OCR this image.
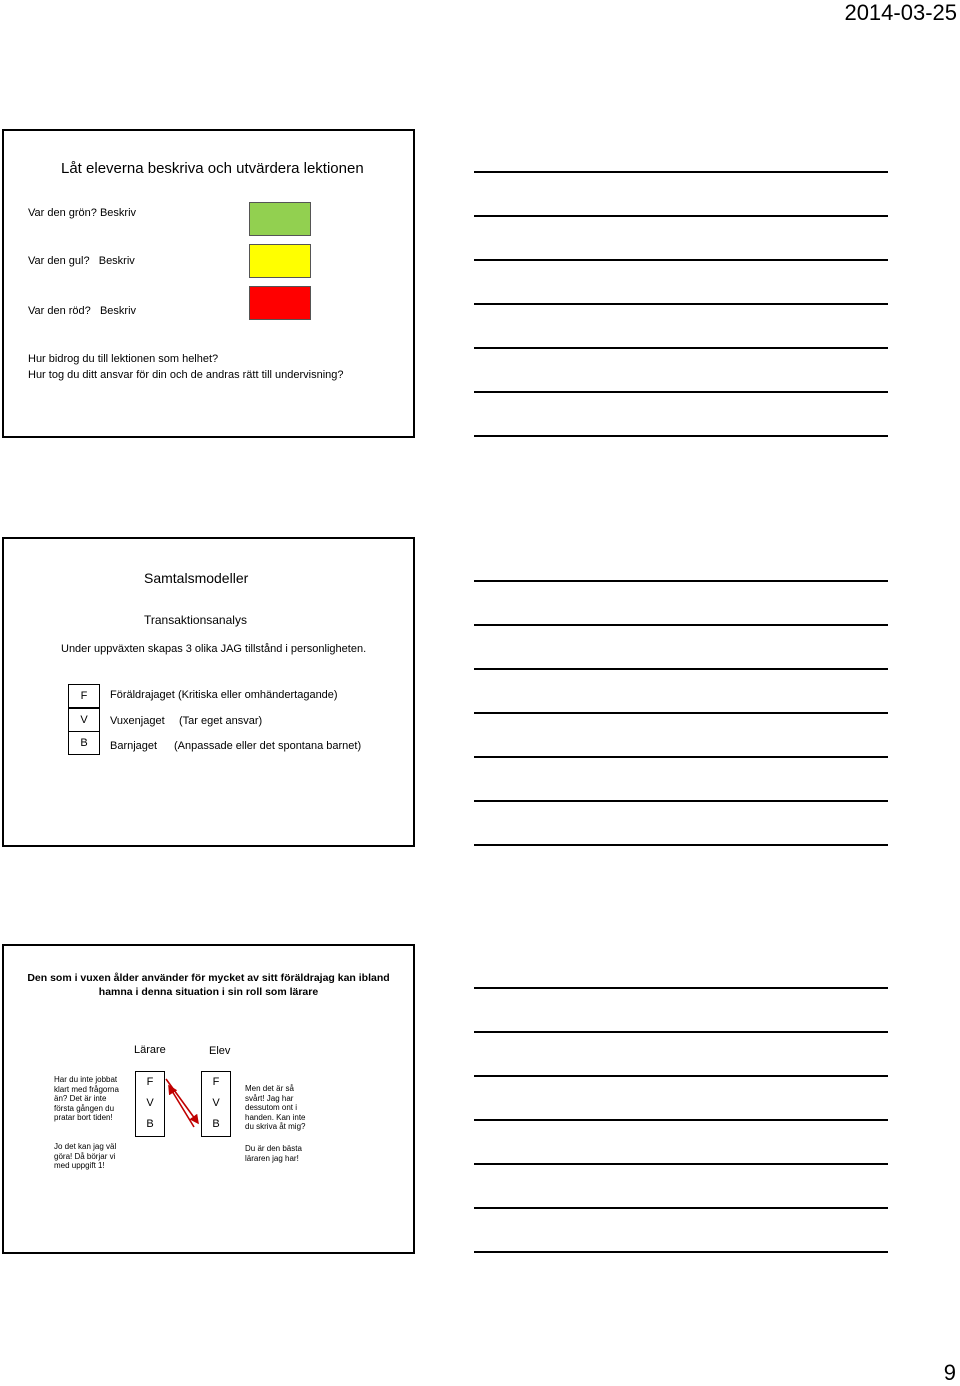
2014-03-25
Låt eleverna beskriva och utvärdera lektionen
Var den grön? Beskriv
Var den gul?   Beskriv
Var den röd?   Beskriv
Hur bidrog du till lektionen som helhet?
Hur tog du ditt ansvar för din och de andras rätt till undervisning?
Samtalsmodeller
Transaktionsanalys
Under uppväxten skapas 3 olika JAG tillstånd i personligheten.
F
V
B
Föräldrajaget (Kritiska eller omhändertagande)
Vuxenjaget (Tar eget ansvar)
Barnjaget (Anpassade eller det spontana barnet)
Den som i vuxen ålder använder för mycket av sitt föräldrajag kan ibland
hamna i denna situation i sin roll som lärare
Lärare	Elev
Har du inte jobbat klart med frågorna än? Det är inte första gången du pratar bort tiden!
Jo det kan jag väl göra! Då börjar vi med uppgift 1!
F
V
B
F
V
B
Men det är så svårt! Jag har dessutom ont i handen. Kan inte du skriva åt mig?
Du är den bästa läraren jag har!
9
